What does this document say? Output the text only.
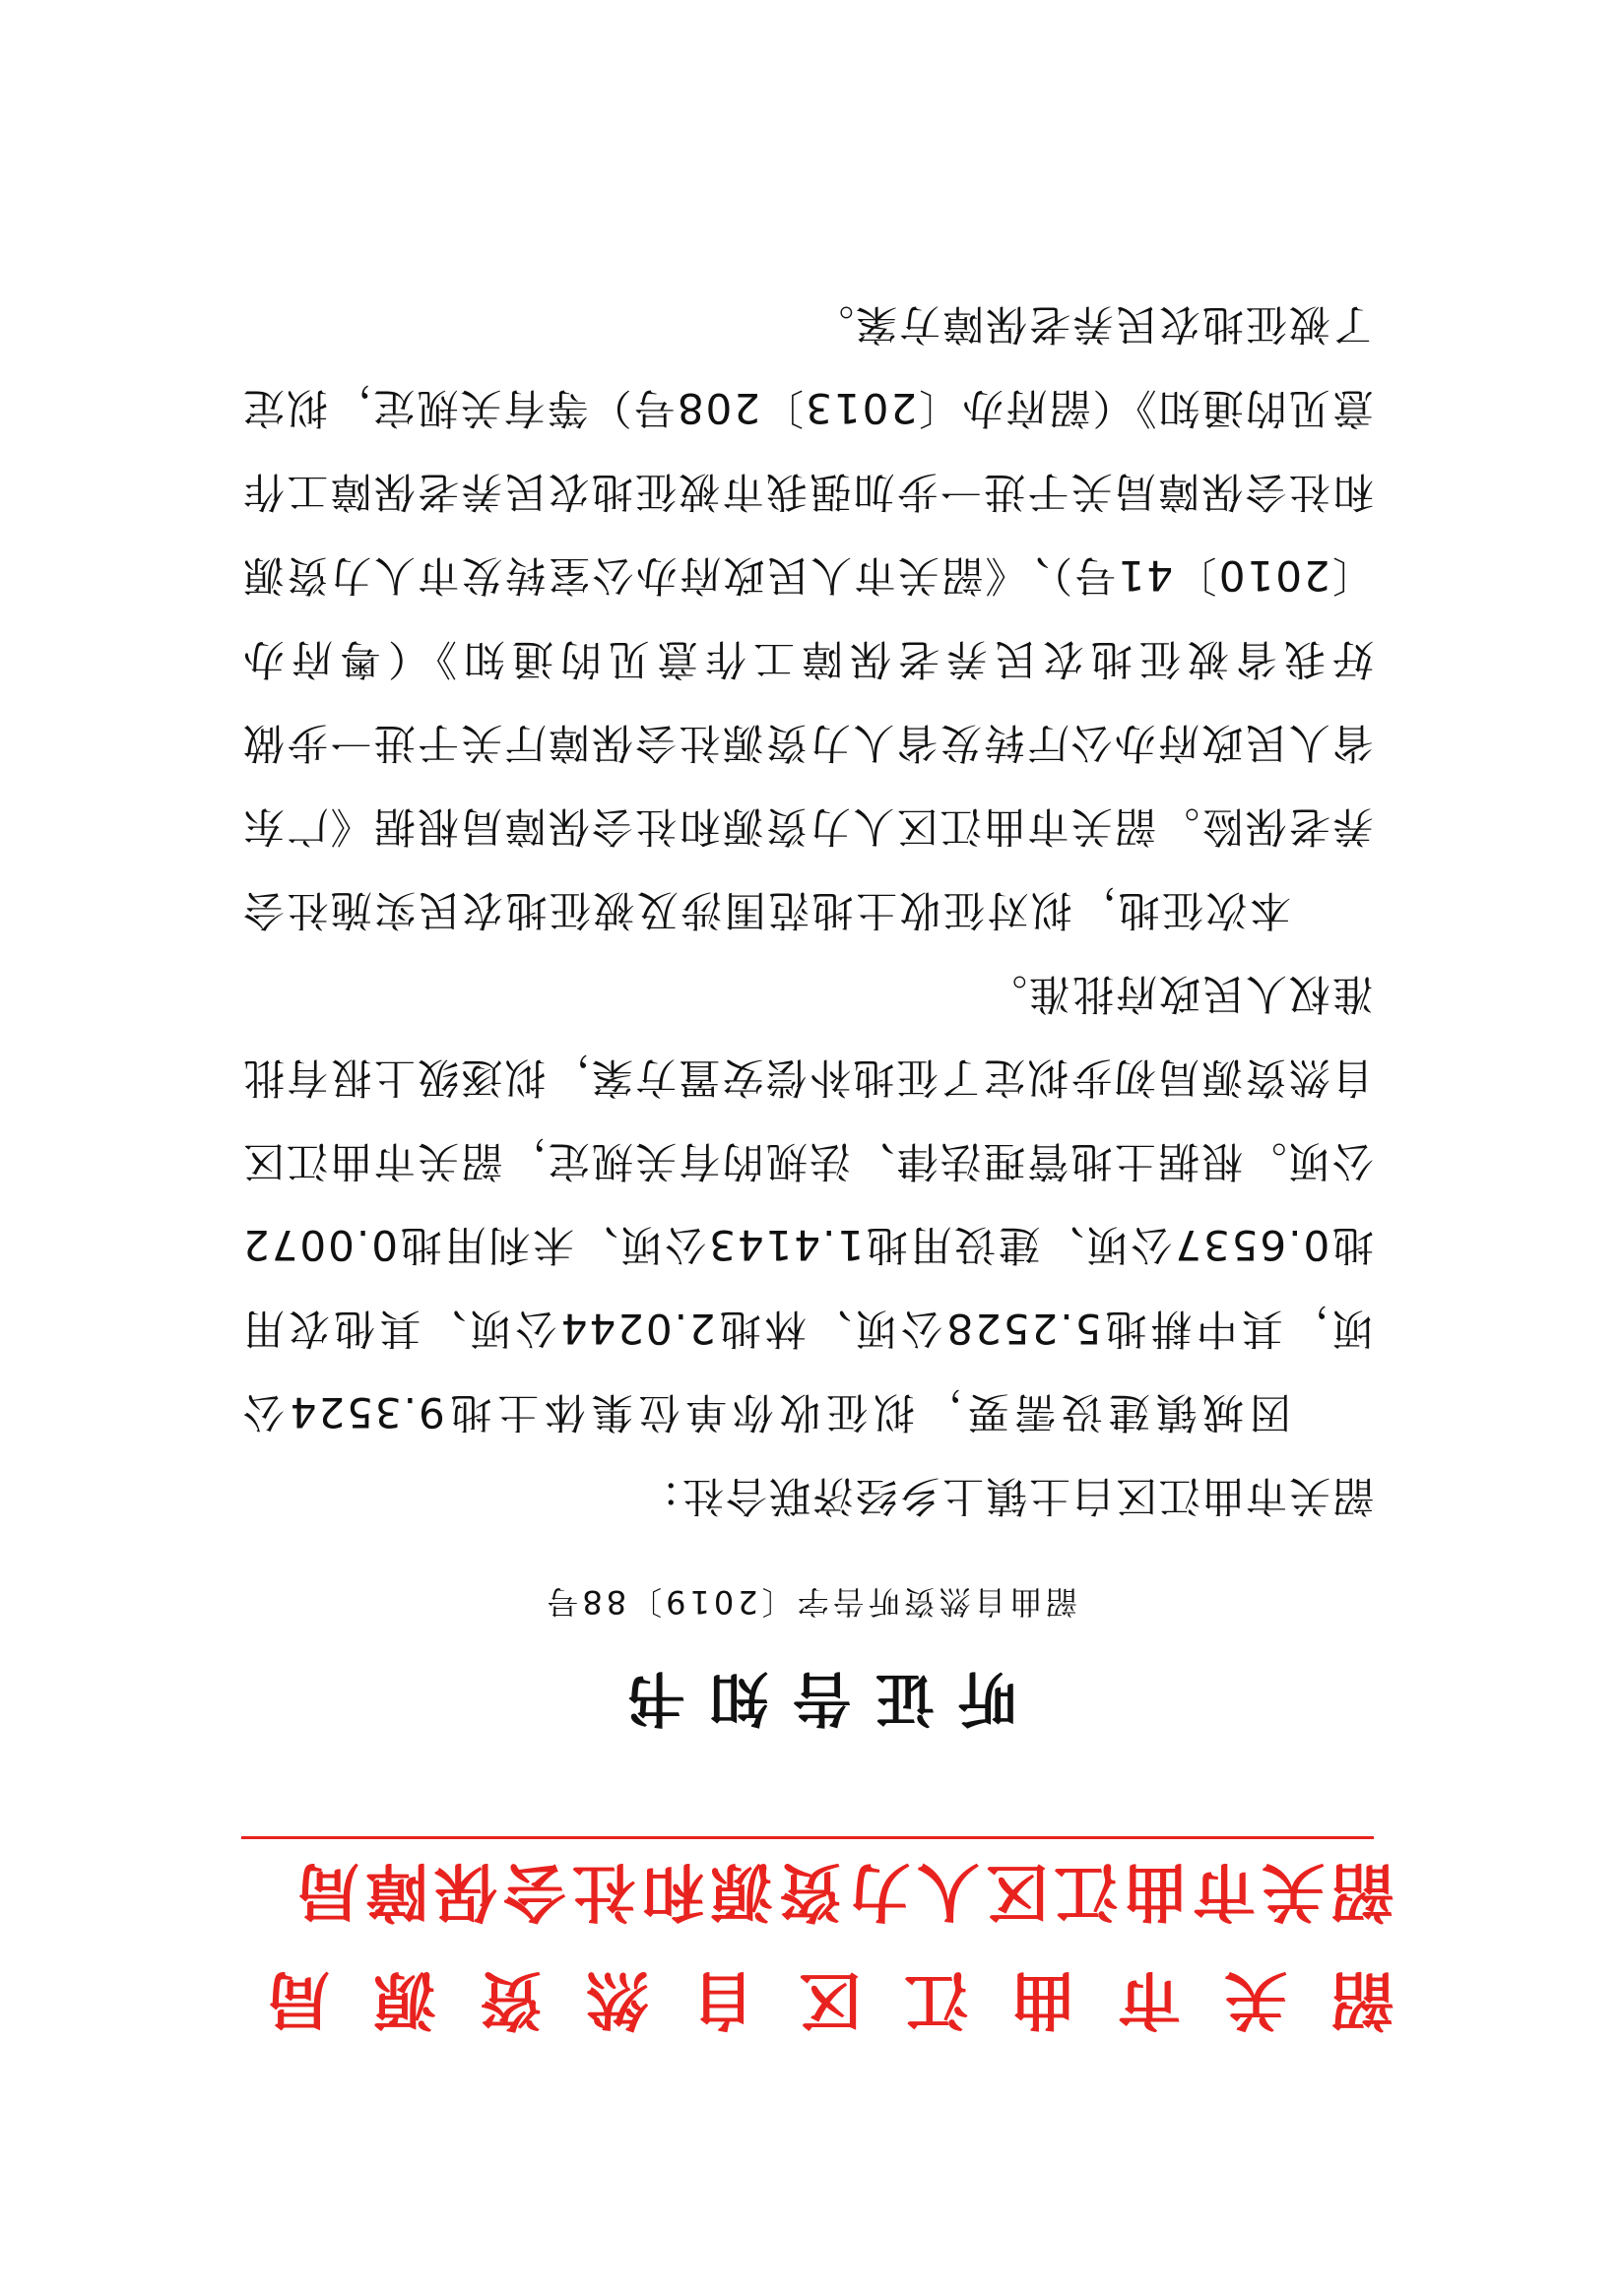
韶关市曲江区自然资源局
韶关市曲江区人力资源和社会保障局
听证告知书
韶曲自然资听告字〔2019〕88号

韶关市曲江区白土镇上乡经济联合社：

因城镇建设需要，拟征收你单位集体土地9.3524公顷，其中耕地5.2528公顷、林地2.0244公顷、其他农用地0.6537公顷、建设用地1.4143公顷、未利用地0.0072公顷。根据土地管理法律、法规的有关规定，韶关市曲江区自然资源局初步拟定了征地补偿安置方案，拟逐级上报有批准权人民政府批准。

本次征地，拟对征收土地范围涉及被征地农民实施社会养老保险。韶关市曲江区人力资源和社会保障局根据《广东省人民政府办公厅转发省人力资源社会保障厅关于进一步做好我省被征地农民养老保障工作意见的通知》（粤府办〔2010〕41号）、《韶关市人民政府办公室转发市人力资源和社会保障局关于进一步加强我市被征地农民养老保障工作意见的通知》（韶府办〔2013〕208号）等有关规定，拟定了被征地农民养老保障方案。
